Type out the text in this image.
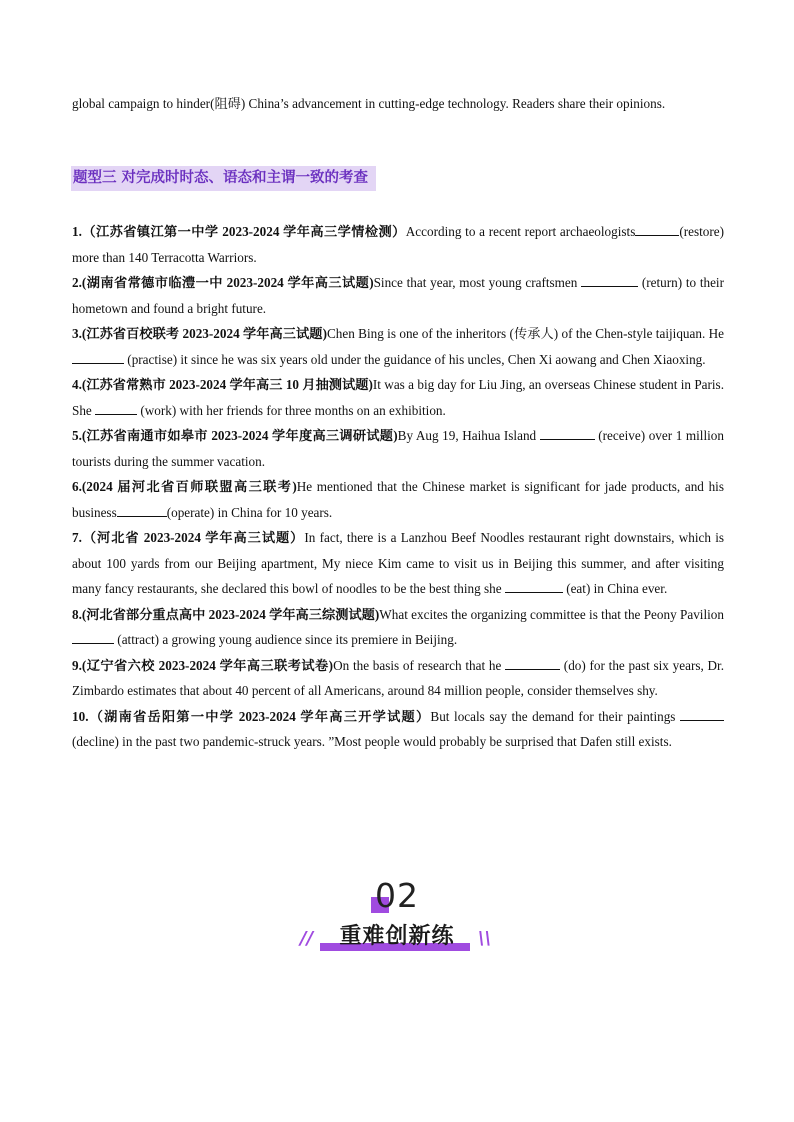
global campaign to hinder(阻碍) China’s advancement in cutting-edge technology. Readers share their opinions.
题型三 对完成时时态、语态和主谓一致的考查
1.（江苏省镇江第一中学 2023-2024 学年高三学情检测）According to a recent report archaeologists	(restore) more than 140 Terracotta Warriors.
2.(湖南省常德市临澧一中 2023-2024 学年高三试题)Since that year, most young craftsmen	(return) to their hometown and found a bright future.
3.(江苏省百校联考 2023-2024 学年高三试题)Chen Bing is one of the inheritors (传承人) of the Chen-style taijiquan. He (practise) it since he was six years old under the guidance of his uncles, Chen Xi aowang and Chen Xiaoxing.
4.(江苏省常熟市 2023-2024 学年高三 10 月抽测试题)It was a big day for Liu Jing, an overseas Chinese student in Paris. She	(work) with her friends for three months on an exhibition.
5.(江苏省南通市如皋市 2023-2024 学年度高三调研试题)By Aug 19, Haihua Island	(receive) over 1 million tourists during the summer vacation.
6.(2024 届河北省百师联盟高三联考)He mentioned that the Chinese market is significant for jade products, and his business	(operate) in China for 10 years.
7.（河北省 2023-2024 学年高三试题）In fact, there is a Lanzhou Beef Noodles restaurant right downstairs, which is about 100 yards from our Beijing apartment, My niece Kim came to visit us in Beijing this summer, and after visiting many fancy restaurants, she declared this bowl of noodles to be the best thing she	(eat) in China ever.
8.(河北省部分重点高中 2023-2024 学年高三综测试题)What excites the organizing committee is that the Peony Pavilion  (attract) a growing young audience since its premiere in Beijing.
9.(辽宁省六校 2023-2024 学年高三联考试卷)On the basis of research that he	(do) for the past six years, Dr. Zimbardo estimates that about 40 percent of all Americans, around 84 million people, consider themselves shy.
10.（湖南省岳阳第一中学 2023-2024 学年高三开学试题）But locals say the demand for their paintings (decline) in the past two pandemic-struck years. ”Most people would probably be surprised that Dafen still exists.
02
//	重难创新练	\\
